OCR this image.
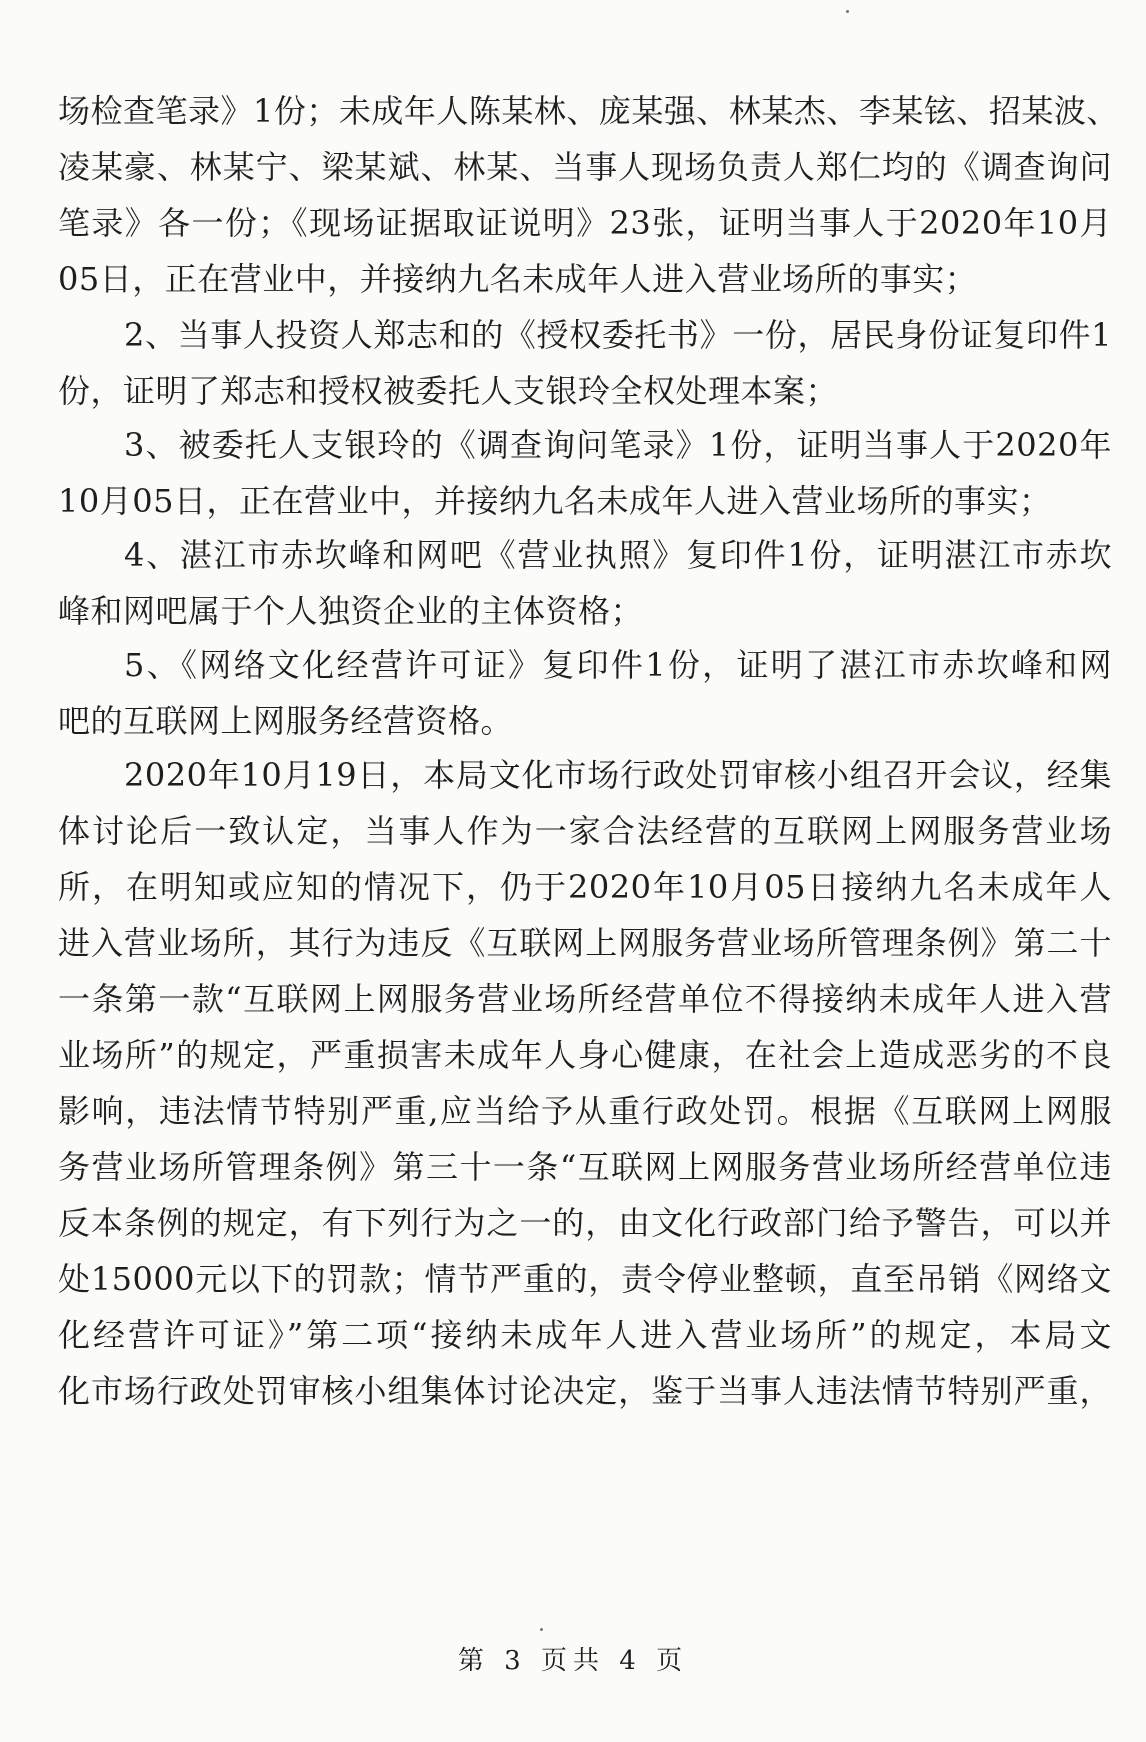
场检查笔录》1份；未成年人陈某林、庞某强、林某杰、李某铉、招某波、
凌某豪、林某宁、梁某斌、林某、当事人现场负责人郑仁均的《调查询问
笔录》各一份；《现场证据取证说明》23张，证明当事人于2020年10月
05日，正在营业中，并接纳九名未成年人进入营业场所的事实；
2、当事人投资人郑志和的《授权委托书》一份，居民身份证复印件1
份，证明了郑志和授权被委托人支银玲全权处理本案；
3、被委托人支银玲的《调查询问笔录》1份，证明当事人于2020年
10月05日，正在营业中，并接纳九名未成年人进入营业场所的事实；
4、湛江市赤坎峰和网吧《营业执照》复印件1份，证明湛江市赤坎
峰和网吧属于个人独资企业的主体资格；
5、《网络文化经营许可证》复印件1份，证明了湛江市赤坎峰和网
吧的互联网上网服务经营资格。
2020年10月19日，本局文化市场行政处罚审核小组召开会议，经集
体讨论后一致认定，当事人作为一家合法经营的互联网上网服务营业场
所，在明知或应知的情况下，仍于2020年10月05日接纳九名未成年人
进入营业场所，其行为违反《互联网上网服务营业场所管理条例》第二十
一条第一款“互联网上网服务营业场所经营单位不得接纳未成年人进入营
业场所”的规定，严重损害未成年人身心健康，在社会上造成恶劣的不良
影响，违法情节特别严重,应当给予从重行政处罚。根据《互联网上网服
务营业场所管理条例》第三十一条“互联网上网服务营业场所经营单位违
反本条例的规定，有下列行为之一的，由文化行政部门给予警告，可以并
处15000元以下的罚款；情节严重的，责令停业整顿，直至吊销《网络文
化经营许可证》”第二项“接纳未成年人进入营业场所”的规定，本局文
化市场行政处罚审核小组集体讨论决定，鉴于当事人违法情节特别严重，
第 3 页共 4 页
